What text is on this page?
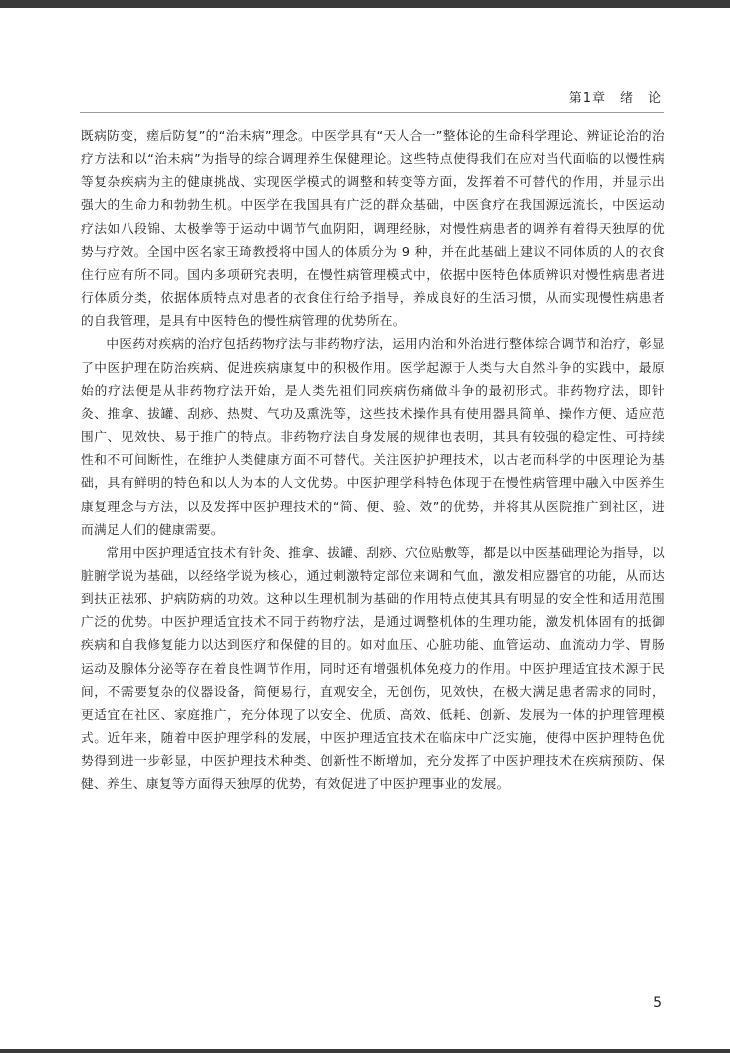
第1章　绪　论

既病防变，瘥后防复”的“治未病”理念。中医学具有“天人合一”整体论的生命科学理论、辨证论治的治疗方法和以“治未病”为指导的综合调理养生保健理论。这些特点使得我们在应对当代面临的以慢性病等复杂疾病为主的健康挑战、实现医学模式的调整和转变等方面，发挥着不可替代的作用，并显示出强大的生命力和勃勃生机。中医学在我国具有广泛的群众基础，中医食疗在我国源远流长，中医运动疗法如八段锦、太极拳等于运动中调节气血阴阳，调理经脉，对慢性病患者的调养有着得天独厚的优势与疗效。全国中医名家王琦教授将中国人的体质分为 9 种，并在此基础上建议不同体质的人的衣食住行应有所不同。国内多项研究表明，在慢性病管理模式中，依据中医特色体质辨识对慢性病患者进行体质分类，依据体质特点对患者的衣食住行给予指导，养成良好的生活习惯，从而实现慢性病患者的自我管理，是具有中医特色的慢性病管理的优势所在。

中医药对疾病的治疗包括药物疗法与非药物疗法，运用内治和外治进行整体综合调节和治疗，彰显了中医护理在防治疾病、促进疾病康复中的积极作用。医学起源于人类与大自然斗争的实践中，最原始的疗法便是从非药物疗法开始，是人类先祖们同疾病伤痛做斗争的最初形式。非药物疗法，即针灸、推拿、拔罐、刮痧、热熨、气功及熏洗等，这些技术操作具有使用器具简单、操作方便、适应范围广、见效快、易于推广的特点。非药物疗法自身发展的规律也表明，其具有较强的稳定性、可持续性和不可间断性，在维护人类健康方面不可替代。关注医护护理技术，以古老而科学的中医理论为基础，具有鲜明的特色和以人为本的人文优势。中医护理学科特色体现于在慢性病管理中融入中医养生康复理念与方法，以及发挥中医护理技术的“简、便、验、效”的优势，并将其从医院推广到社区，进而满足人们的健康需要。

常用中医护理适宜技术有针灸、推拿、拔罐、刮痧、穴位贴敷等，都是以中医基础理论为指导，以脏腑学说为基础，以经络学说为核心，通过刺激特定部位来调和气血，激发相应器官的功能，从而达到扶正祛邪、护病防病的功效。这种以生理机制为基础的作用特点使其具有明显的安全性和适用范围广泛的优势。中医护理适宜技术不同于药物疗法，是通过调整机体的生理功能，激发机体固有的抵御疾病和自我修复能力以达到医疗和保健的目的。如对血压、心脏功能、血管运动、血流动力学、胃肠运动及腺体分泌等存在着良性调节作用，同时还有增强机体免疫力的作用。中医护理适宜技术源于民间，不需要复杂的仪器设备，简便易行，直观安全，无创伤，见效快，在极大满足患者需求的同时，更适宜在社区、家庭推广，充分体现了以安全、优质、高效、低耗、创新、发展为一体的护理管理模式。近年来，随着中医护理学科的发展，中医护理适宜技术在临床中广泛实施，使得中医护理特色优势得到进一步彰显，中医护理技术种类、创新性不断增加，充分发挥了中医护理技术在疾病预防、保健、养生、康复等方面得天独厚的优势，有效促进了中医护理事业的发展。

5
